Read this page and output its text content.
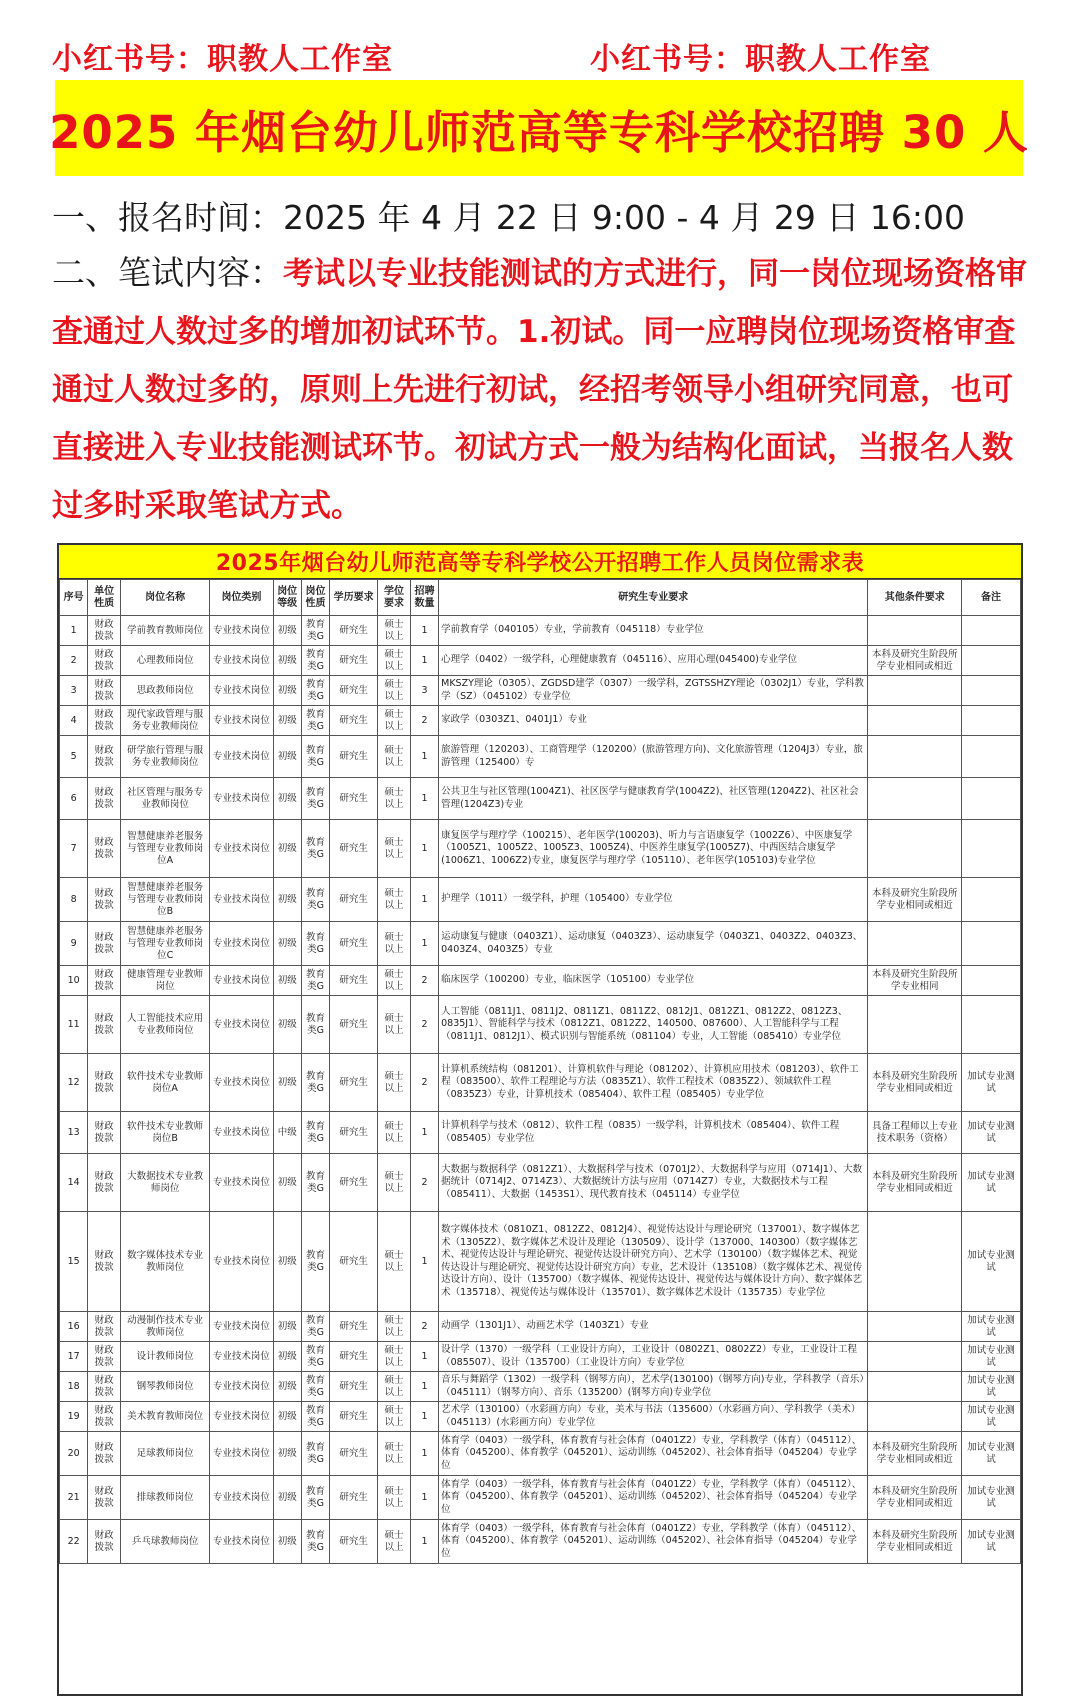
小红书号：职教人工作室	小红书号：职教人工作室
2025 年烟台幼儿师范高等专科学校招聘 30 人
一、报名时间：2025 年 4 月 22 日 9:00 - 4 月 29 日 16:00
二、笔试内容：考试以专业技能测试的方式进行，同一岗位现场资格审查通过人数过多的增加初试环节。1.初试。同一应聘岗位现场资格审查通过人数过多的，原则上先进行初试，经招考领导小组研究同意，也可直接进入专业技能测试环节。初试方式一般为结构化面试，当报名人数过多时采取笔试方式。
2025年烟台幼儿师范高等专科学校公开招聘工作人员岗位需求表
序号	单位性质	岗位名称	岗位类别	岗位等级	岗位性质	学历要求	学位要求	招聘数量	研究生专业要求	其他条件要求	备注
1	财政拨款	学前教育教师岗位	专业技术岗位	初级	教育类G	研究生	硕士以上	1	学前教育学（040105）专业，学前教育（045118）专业学位		
2	财政拨款	心理教师岗位	专业技术岗位	初级	教育类G	研究生	硕士以上	1	心理学（0402）一级学科，心理健康教育（045116）、应用心理(045400)专业学位	本科及研究生阶段所学专业相同或相近	
3	财政拨款	思政教师岗位	专业技术岗位	初级	教育类G	研究生	硕士以上	3	MKSZY理论（0305）、ZGDSD建学（0307）一级学科，ZGTSSHZY理论（0302J1）专业，学科教学（SZ）（045102）专业学位		
4	财政拨款	现代家政管理与服务专业教师岗位	专业技术岗位	初级	教育类G	研究生	硕士以上	2	家政学（0303Z1、0401J1）专业		
5	财政拨款	研学旅行管理与服务专业教师岗位	专业技术岗位	初级	教育类G	研究生	硕士以上	1	旅游管理（120203）、工商管理学（120200）(旅游管理方向)、文化旅游管理（1204J3）专业，旅游管理（125400）专		
6	财政拨款	社区管理与服务专业教师岗位	专业技术岗位	初级	教育类G	研究生	硕士以上	1	公共卫生与社区管理(1004Z1)、社区医学与健康教育学(1004Z2)、社区管理(1204Z2)、社区社会管理(1204Z3)专业		
7	财政拨款	智慧健康养老服务与管理专业教师岗位A	专业技术岗位	初级	教育类G	研究生	硕士以上	1	康复医学与理疗学（100215）、老年医学(100203)、听力与言语康复学（1002Z6）、中医康复学（1005Z1、1005Z2、1005Z3、1005Z4)、中医养生康复学(1005Z7)、中西医结合康复学(1006Z1、1006Z2)专业，康复医学与理疗学（105110）、老年医学(105103)专业学位		
8	财政拨款	智慧健康养老服务与管理专业教师岗位B	专业技术岗位	初级	教育类G	研究生	硕士以上	1	护理学（1011）一级学科，护理（105400）专业学位	本科及研究生阶段所学专业相同或相近	
9	财政拨款	智慧健康养老服务与管理专业教师岗位C	专业技术岗位	初级	教育类G	研究生	硕士以上	1	运动康复与健康（0403Z1）、运动康复（0403Z3）、运动康复学（0403Z1、0403Z2、0403Z3、0403Z4、0403Z5）专业		
10	财政拨款	健康管理专业教师岗位	专业技术岗位	初级	教育类G	研究生	硕士以上	2	临床医学（100200）专业，临床医学（105100）专业学位	本科及研究生阶段所学专业相同	
11	财政拨款	人工智能技术应用专业教师岗位	专业技术岗位	初级	教育类G	研究生	硕士以上	2	人工智能（0811J1、0811J2、0811Z1、0811Z2、0812J1、0812Z1、0812Z2、0812Z3、0835J1）、智能科学与技术（0812Z1、0812Z2、140500、087600）、人工智能科学与工程（0811J1、0812J1）、模式识别与智能系统（081104）专业，人工智能（085410）专业学位		
12	财政拨款	软件技术专业教师岗位A	专业技术岗位	初级	教育类G	研究生	硕士以上	2	计算机系统结构（081201）、计算机软件与理论（081202）、计算机应用技术（081203）、软件工程（083500）、软件工程理论与方法（0835Z1）、软件工程技术（0835Z2）、领域软件工程（0835Z3）专业，计算机技术（085404）、软件工程（085405）专业学位	本科及研究生阶段所学专业相同或相近	加试专业测试
13	财政拨款	软件技术专业教师岗位B	专业技术岗位	中级	教育类G	研究生	硕士以上	1	计算机科学与技术（0812）、软件工程（0835）一级学科，计算机技术（085404）、软件工程（085405）专业学位	具备工程师以上专业技术职务（资格）	加试专业测试
14	财政拨款	大数据技术专业教师岗位	专业技术岗位	初级	教育类G	研究生	硕士以上	2	大数据与数据科学（0812Z1）、大数据科学与技术（0701J2）、大数据科学与应用（0714J1）、大数据统计（0714J2、0714Z3）、大数据统计方法与应用（0714Z7）专业，大数据技术与工程（085411）、大数据（1453S1）、现代教育技术（045114）专业学位	本科及研究生阶段所学专业相同或相近	加试专业测试
15	财政拨款	数字媒体技术专业教师岗位	专业技术岗位	初级	教育类G	研究生	硕士以上	1	数字媒体技术（0810Z1、0812Z2、0812J4）、视觉传达设计与理论研究（137001）、数字媒体艺术（1305Z2）、数字媒体艺术设计及理论（130509）、设计学（137000、140300）（数字媒体艺术、视觉传达设计与理论研究、视觉传达设计研究方向）、艺术学（130100）（数字媒体艺术、视觉传达设计与理论研究、视觉传达设计研究方向）专业，艺术设计（135108）（数字媒体艺术、视觉传达设计方向）、设计（135700）（数字媒体、视觉传达设计、视觉传达与媒体设计方向）、数字媒体艺术（135718）、视觉传达与媒体设计（135701）、数字媒体艺术设计（135735）专业学位		加试专业测试
16	财政拨款	动漫制作技术专业教师岗位	专业技术岗位	初级	教育类G	研究生	硕士以上	2	动画学（1301J1）、动画艺术学（1403Z1）专业		加试专业测试
17	财政拨款	设计教师岗位	专业技术岗位	初级	教育类G	研究生	硕士以上	1	设计学（1370）一级学科（工业设计方向），工业设计（0802Z1、0802Z2）专业，工业设计工程（085507）、设计（135700）（工业设计方向）专业学位		加试专业测试
18	财政拨款	钢琴教师岗位	专业技术岗位	初级	教育类G	研究生	硕士以上	1	音乐与舞蹈学（1302）一级学科（钢琴方向），艺术学(130100)（钢琴方向)专业，学科教学（音乐）（045111）（钢琴方向）、音乐（135200）(钢琴方向)专业学位		加试专业测试
19	财政拨款	美术教育教师岗位	专业技术岗位	初级	教育类G	研究生	硕士以上	1	艺术学（130100）（水彩画方向）专业，美术与书法（135600）（水彩画方向）、学科教学（美术）（045113）(水彩画方向）专业学位		加试专业测试
20	财政拨款	足球教师岗位	专业技术岗位	初级	教育类G	研究生	硕士以上	1	体育学（0403）一级学科，体育教育与社会体育（0401Z2）专业，学科教学（体育）（045112）、体育（045200）、体育教学（045201）、运动训练（045202）、社会体育指导（045204）专业学位	本科及研究生阶段所学专业相同或相近	加试专业测试
21	财政拨款	排球教师岗位	专业技术岗位	初级	教育类G	研究生	硕士以上	1	体育学（0403）一级学科，体育教育与社会体育（0401Z2）专业，学科教学（体育）（045112）、体育（045200）、体育教学（045201）、运动训练（045202）、社会体育指导（045204）专业学位	本科及研究生阶段所学专业相同或相近	加试专业测试
22	财政拨款	乒乓球教师岗位	专业技术岗位	初级	教育类G	研究生	硕士以上	1	体育学（0403）一级学科，体育教育与社会体育（0401Z2）专业，学科教学（体育）（045112）、体育（045200）、体育教学（045201）、运动训练（045202）、社会体育指导（045204）专业学位	本科及研究生阶段所学专业相同或相近	加试专业测试
